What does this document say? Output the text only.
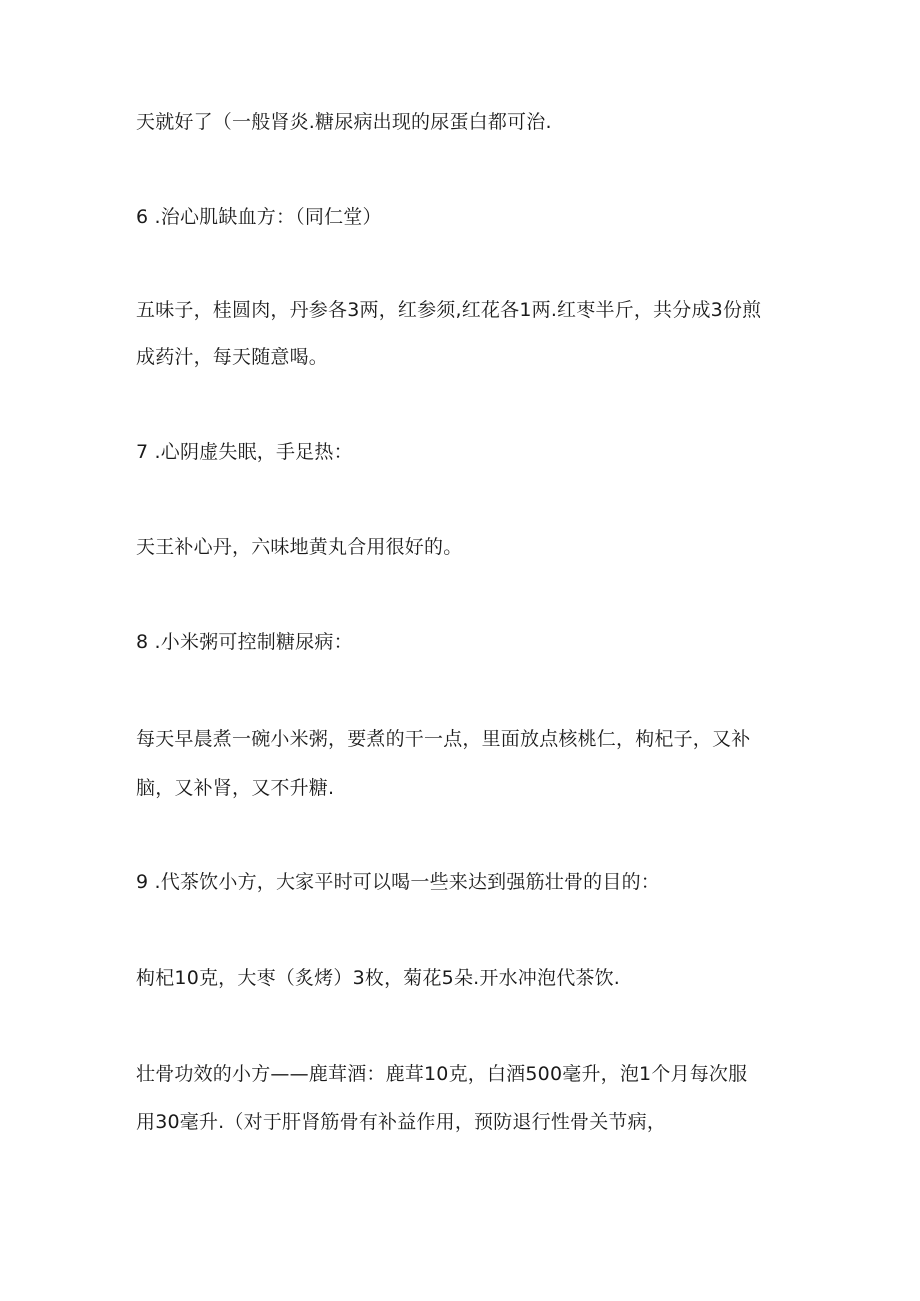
天就好了（一般肾炎.糖尿病出现的尿蛋白都可治.

6 .治心肌缺血方：（同仁堂）

五味子，桂圆肉，丹参各3两，红参须,红花各1两.红枣半斤，共分成3份煎

成药汁，每天随意喝。

7 .心阴虚失眠，手足热：

天王补心丹，六味地黄丸合用很好的。

8 .小米粥可控制糖尿病：

每天早晨煮一碗小米粥，要煮的干一点，里面放点核桃仁，枸杞子，又补

脑，又补肾，又不升糖.

9 .代茶饮小方，大家平时可以喝一些来达到强筋壮骨的目的：

枸杞10克，大枣（炙烤）3枚，菊花5朵.开水冲泡代茶饮.

壮骨功效的小方——鹿茸酒：鹿茸10克，白酒500毫升，泡1个月每次服

用30毫升.（对于肝肾筋骨有补益作用，预防退行性骨关节病，
